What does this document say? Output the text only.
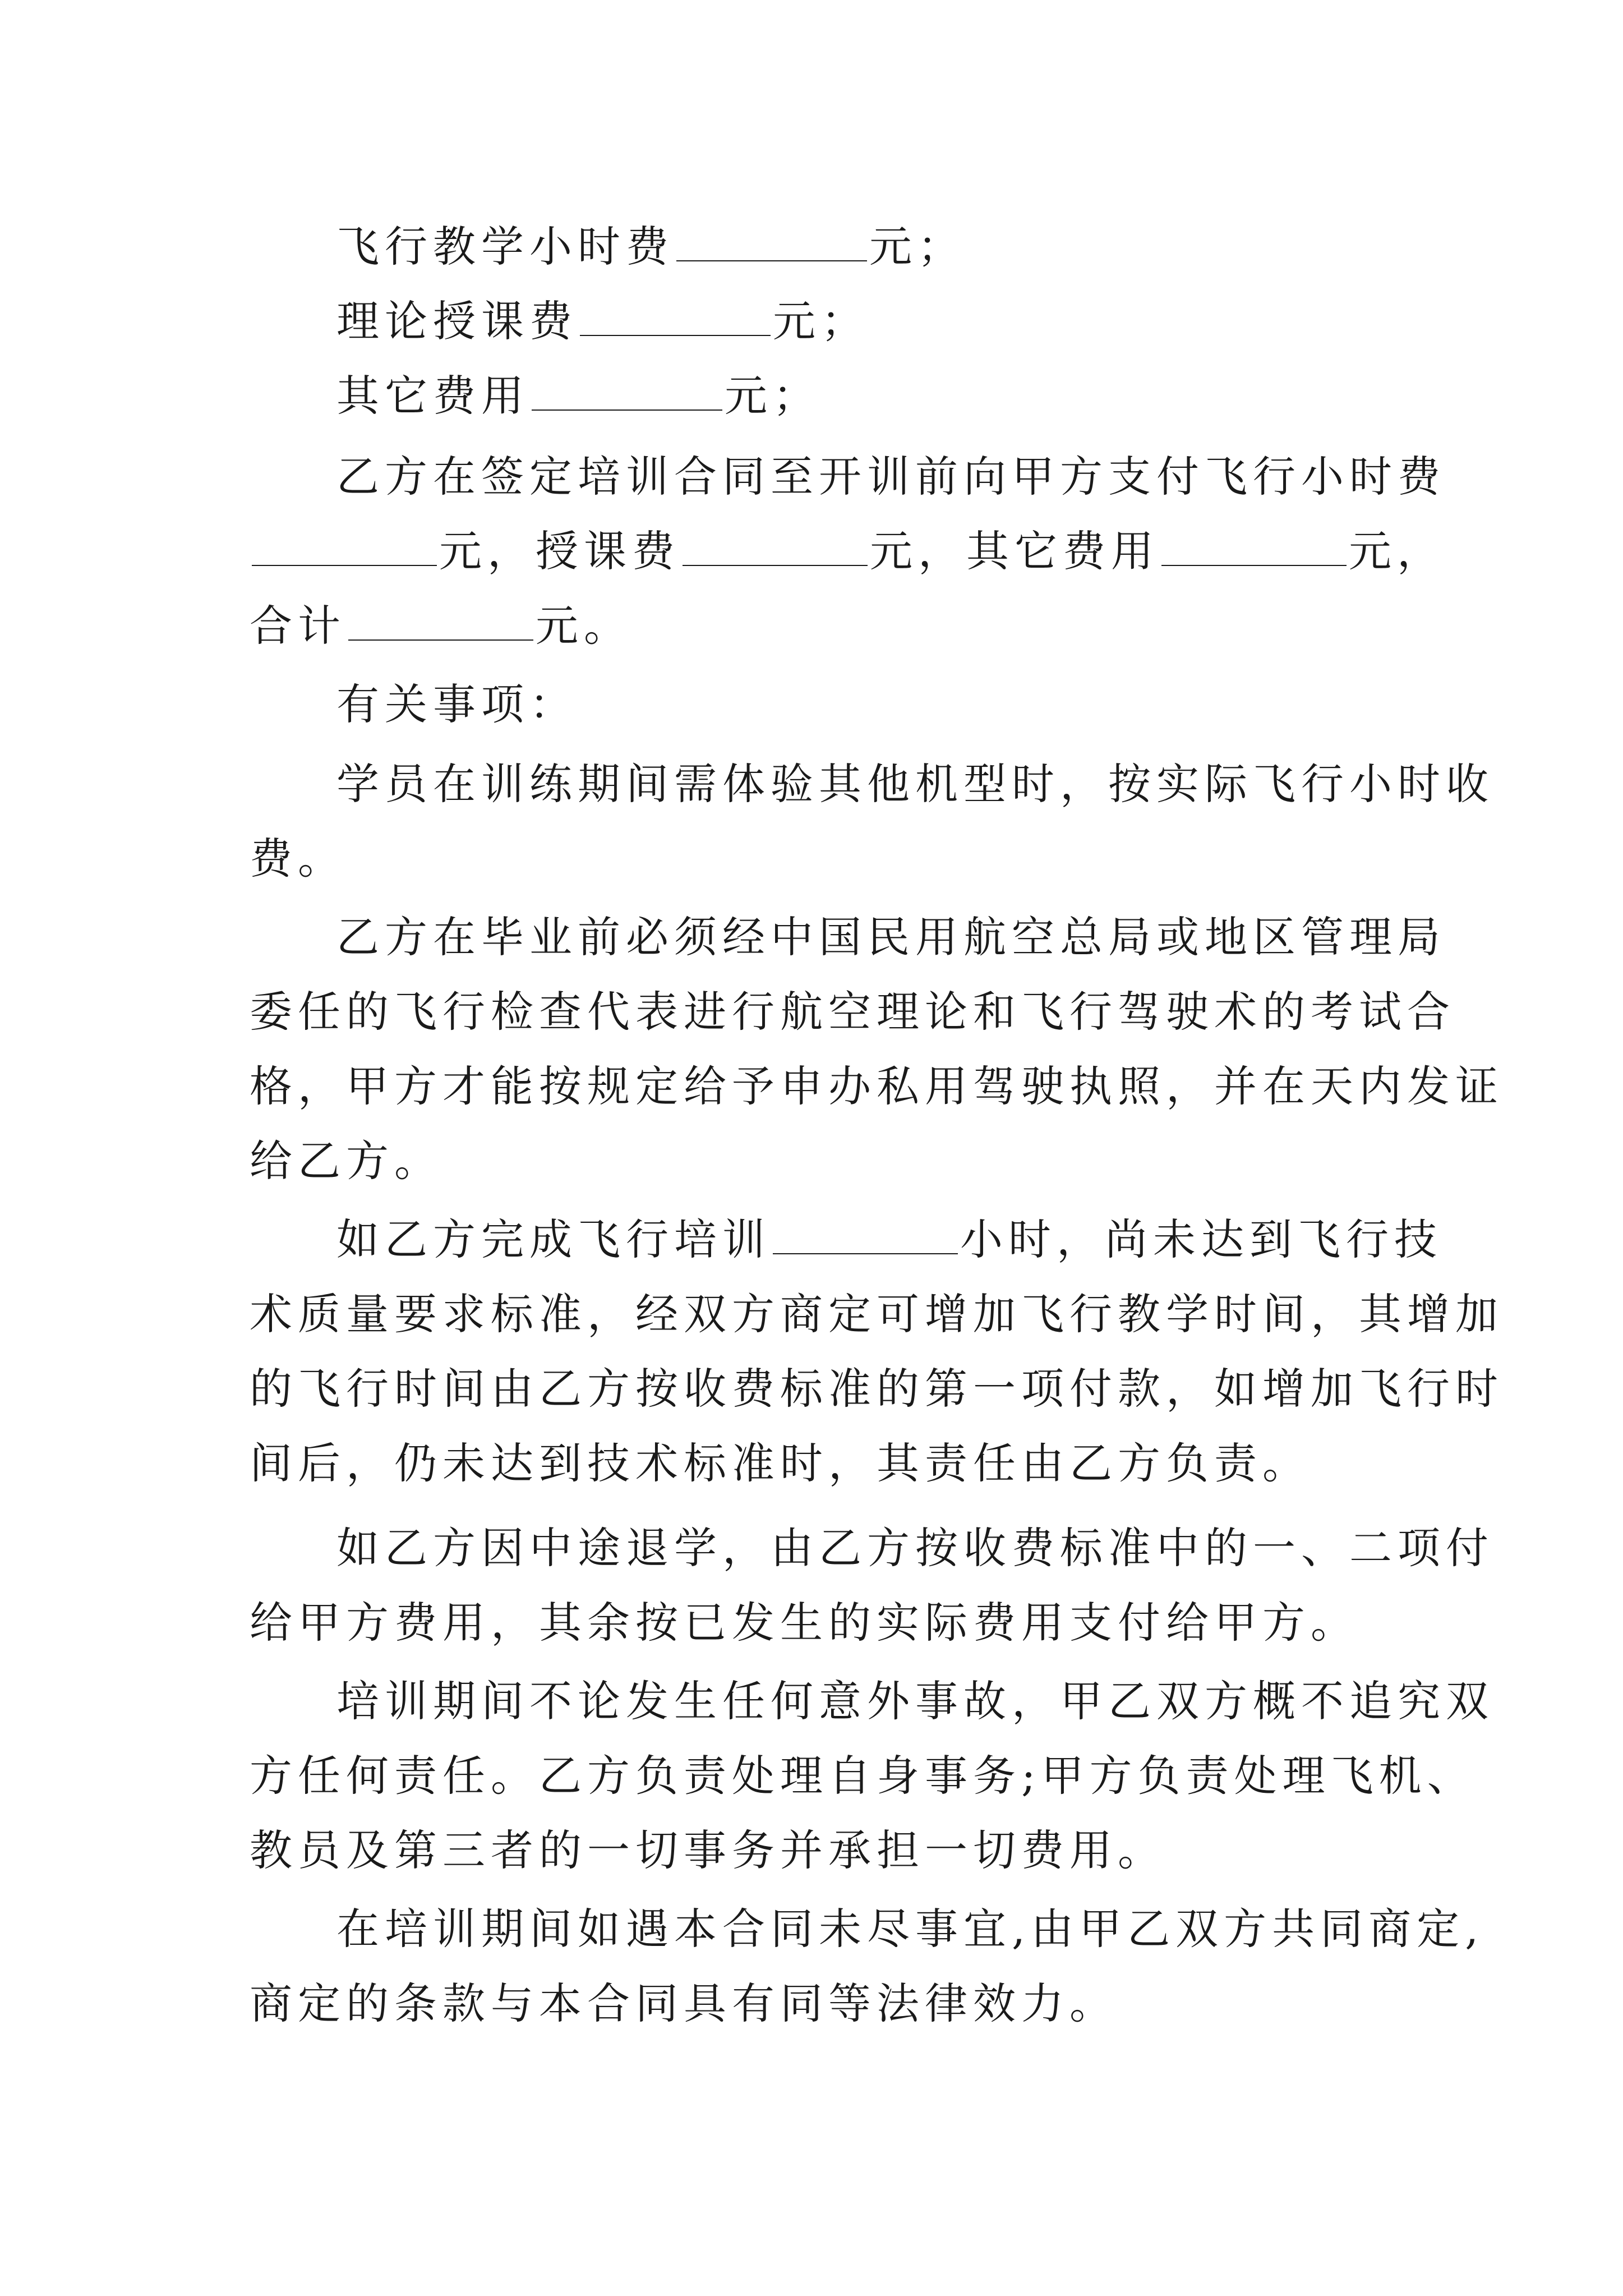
飞行教学小时费	元；
理论授课费	元；
其它费用	元；
乙方在签定培训合同至开训前向甲方支付飞行小时费
元，授课费	元，其它费用	元，
合计	元。
有关事项：
学员在训练期间需体验其他机型时，按实际飞行小时收
费。
乙方在毕业前必须经中国民用航空总局或地区管理局
委任的飞行检查代表进行航空理论和飞行驾驶术的考试合
格，甲方才能按规定给予申办私用驾驶执照，并在天内发证
给乙方。
如乙方完成飞行培训	小时，尚未达到飞行技
术质量要求标准，经双方商定可增加飞行教学时间，其增加
的飞行时间由乙方按收费标准的第一项付款，如增加飞行时
间后，仍未达到技术标准时，其责任由乙方负责。
如乙方因中途退学，由乙方按收费标准中的一、二项付
给甲方费用，其余按已发生的实际费用支付给甲方。
培训期间不论发生任何意外事故，甲乙双方概不追究双
方任何责任。乙方负责处理自身事务;甲方负责处理飞机、
教员及第三者的一切事务并承担一切费用。
在培训期间如遇本合同未尽事宜,由甲乙双方共同商定,
商定的条款与本合同具有同等法律效力。
